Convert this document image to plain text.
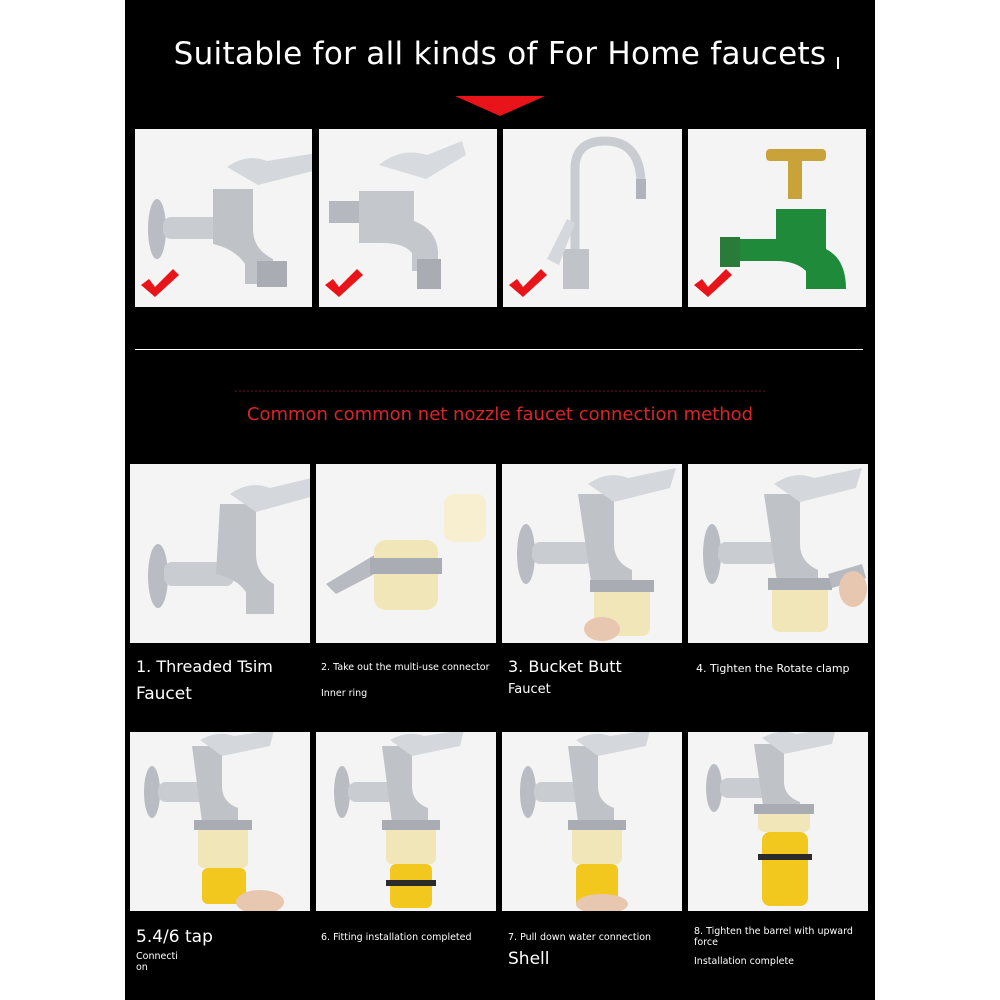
Suitable for all kinds of For Home faucets
Common common net nozzle faucet connection method
1. Threaded Tsim
Faucet
2. Take out the multi-use connector
Inner ring
3. Bucket Butt
Faucet
4. Tighten the Rotate clamp
5.4/6 tap
Connecti
on
6. Fitting installation completed	7. Pull down water connection
Shell
8. Tighten the barrel with upward
force
Installation complete
